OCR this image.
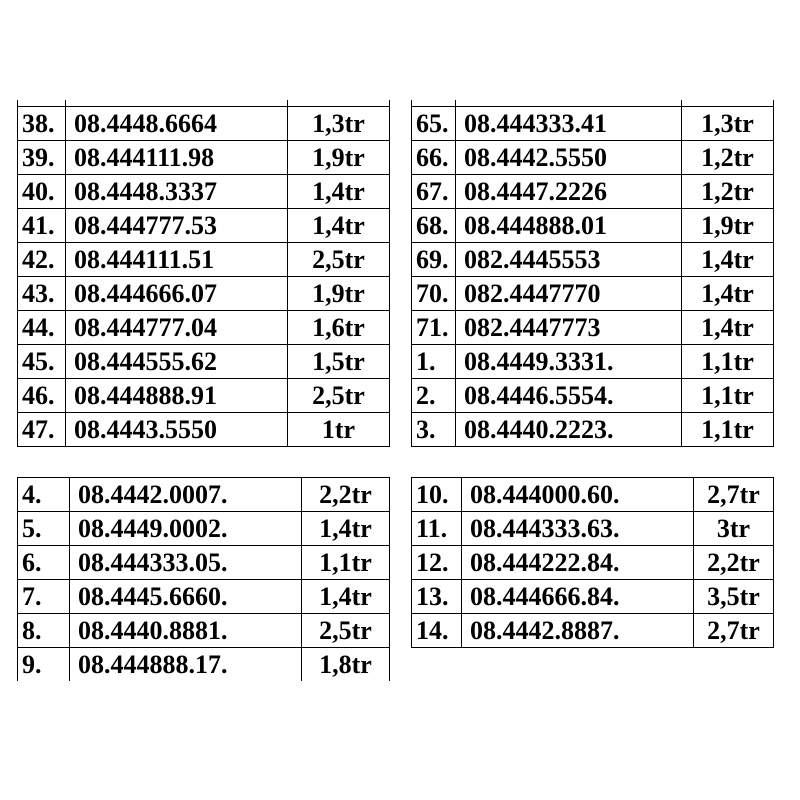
38.	08.4448.6664	1,3tr
39.	08.444111.98	1,9tr
40.	08.4448.3337	1,4tr
41.	08.444777.53	1,4tr
42.	08.444111.51	2,5tr
43.	08.444666.07	1,9tr
44.	08.444777.04	1,6tr
45.	08.444555.62	1,5tr
46.	08.444888.91	2,5tr
47.	08.4443.5550	1tr

65.	08.444333.41	1,3tr
66.	08.4442.5550	1,2tr
67.	08.4447.2226	1,2tr
68.	08.444888.01	1,9tr
69.	082.4445553	1,4tr
70.	082.4447770	1,4tr
71.	082.4447773	1,4tr
1.	08.4449.3331.	1,1tr
2.	08.4446.5554.	1,1tr
3.	08.4440.2223.	1,1tr
4.	08.4442.0007.	2,2tr
5.	08.4449.0002.	1,4tr
6.	08.444333.05.	1,1tr
7.	08.4445.6660.	1,4tr
8.	08.4440.8881.	2,5tr
9.	08.444888.17.	1,8tr
10.	08.444000.60.	2,7tr
11.	08.444333.63.	3tr
12.	08.444222.84.	2,2tr
13.	08.444666.84.	3,5tr
14.	08.4442.8887.	2,7tr
